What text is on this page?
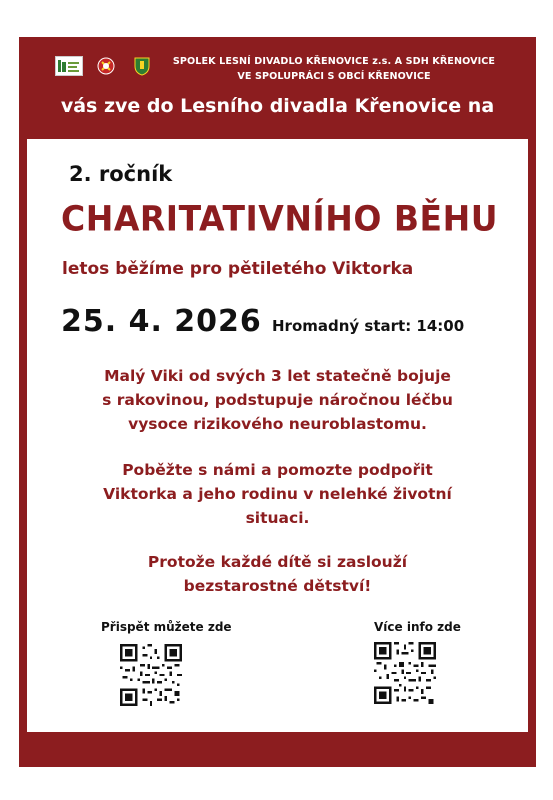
SPOLEK LESNÍ DIVADLO KŘENOVICE z.s. A SDH KŘENOVICE
VE SPOLUPRÁCI S OBCÍ KŘENOVICE
vás zve do Lesního divadla Křenovice na
2. ročník
CHARITATIVNÍHO BĚHU
letos běžíme pro pětiletého Viktorka
25. 4. 2026 Hromadný start: 14:00
Malý Viki od svých 3 let statečně bojuje
s rakovinou, podstupuje náročnou léčbu
vysoce rizikového neuroblastomu.
Poběžte s námi a pomozte podpořit
Viktorka a jeho rodinu v nelehké životní
situaci.
Protože každé dítě si zaslouží
bezstarostné dětství!
Přispět můžete zde	Více info zde
